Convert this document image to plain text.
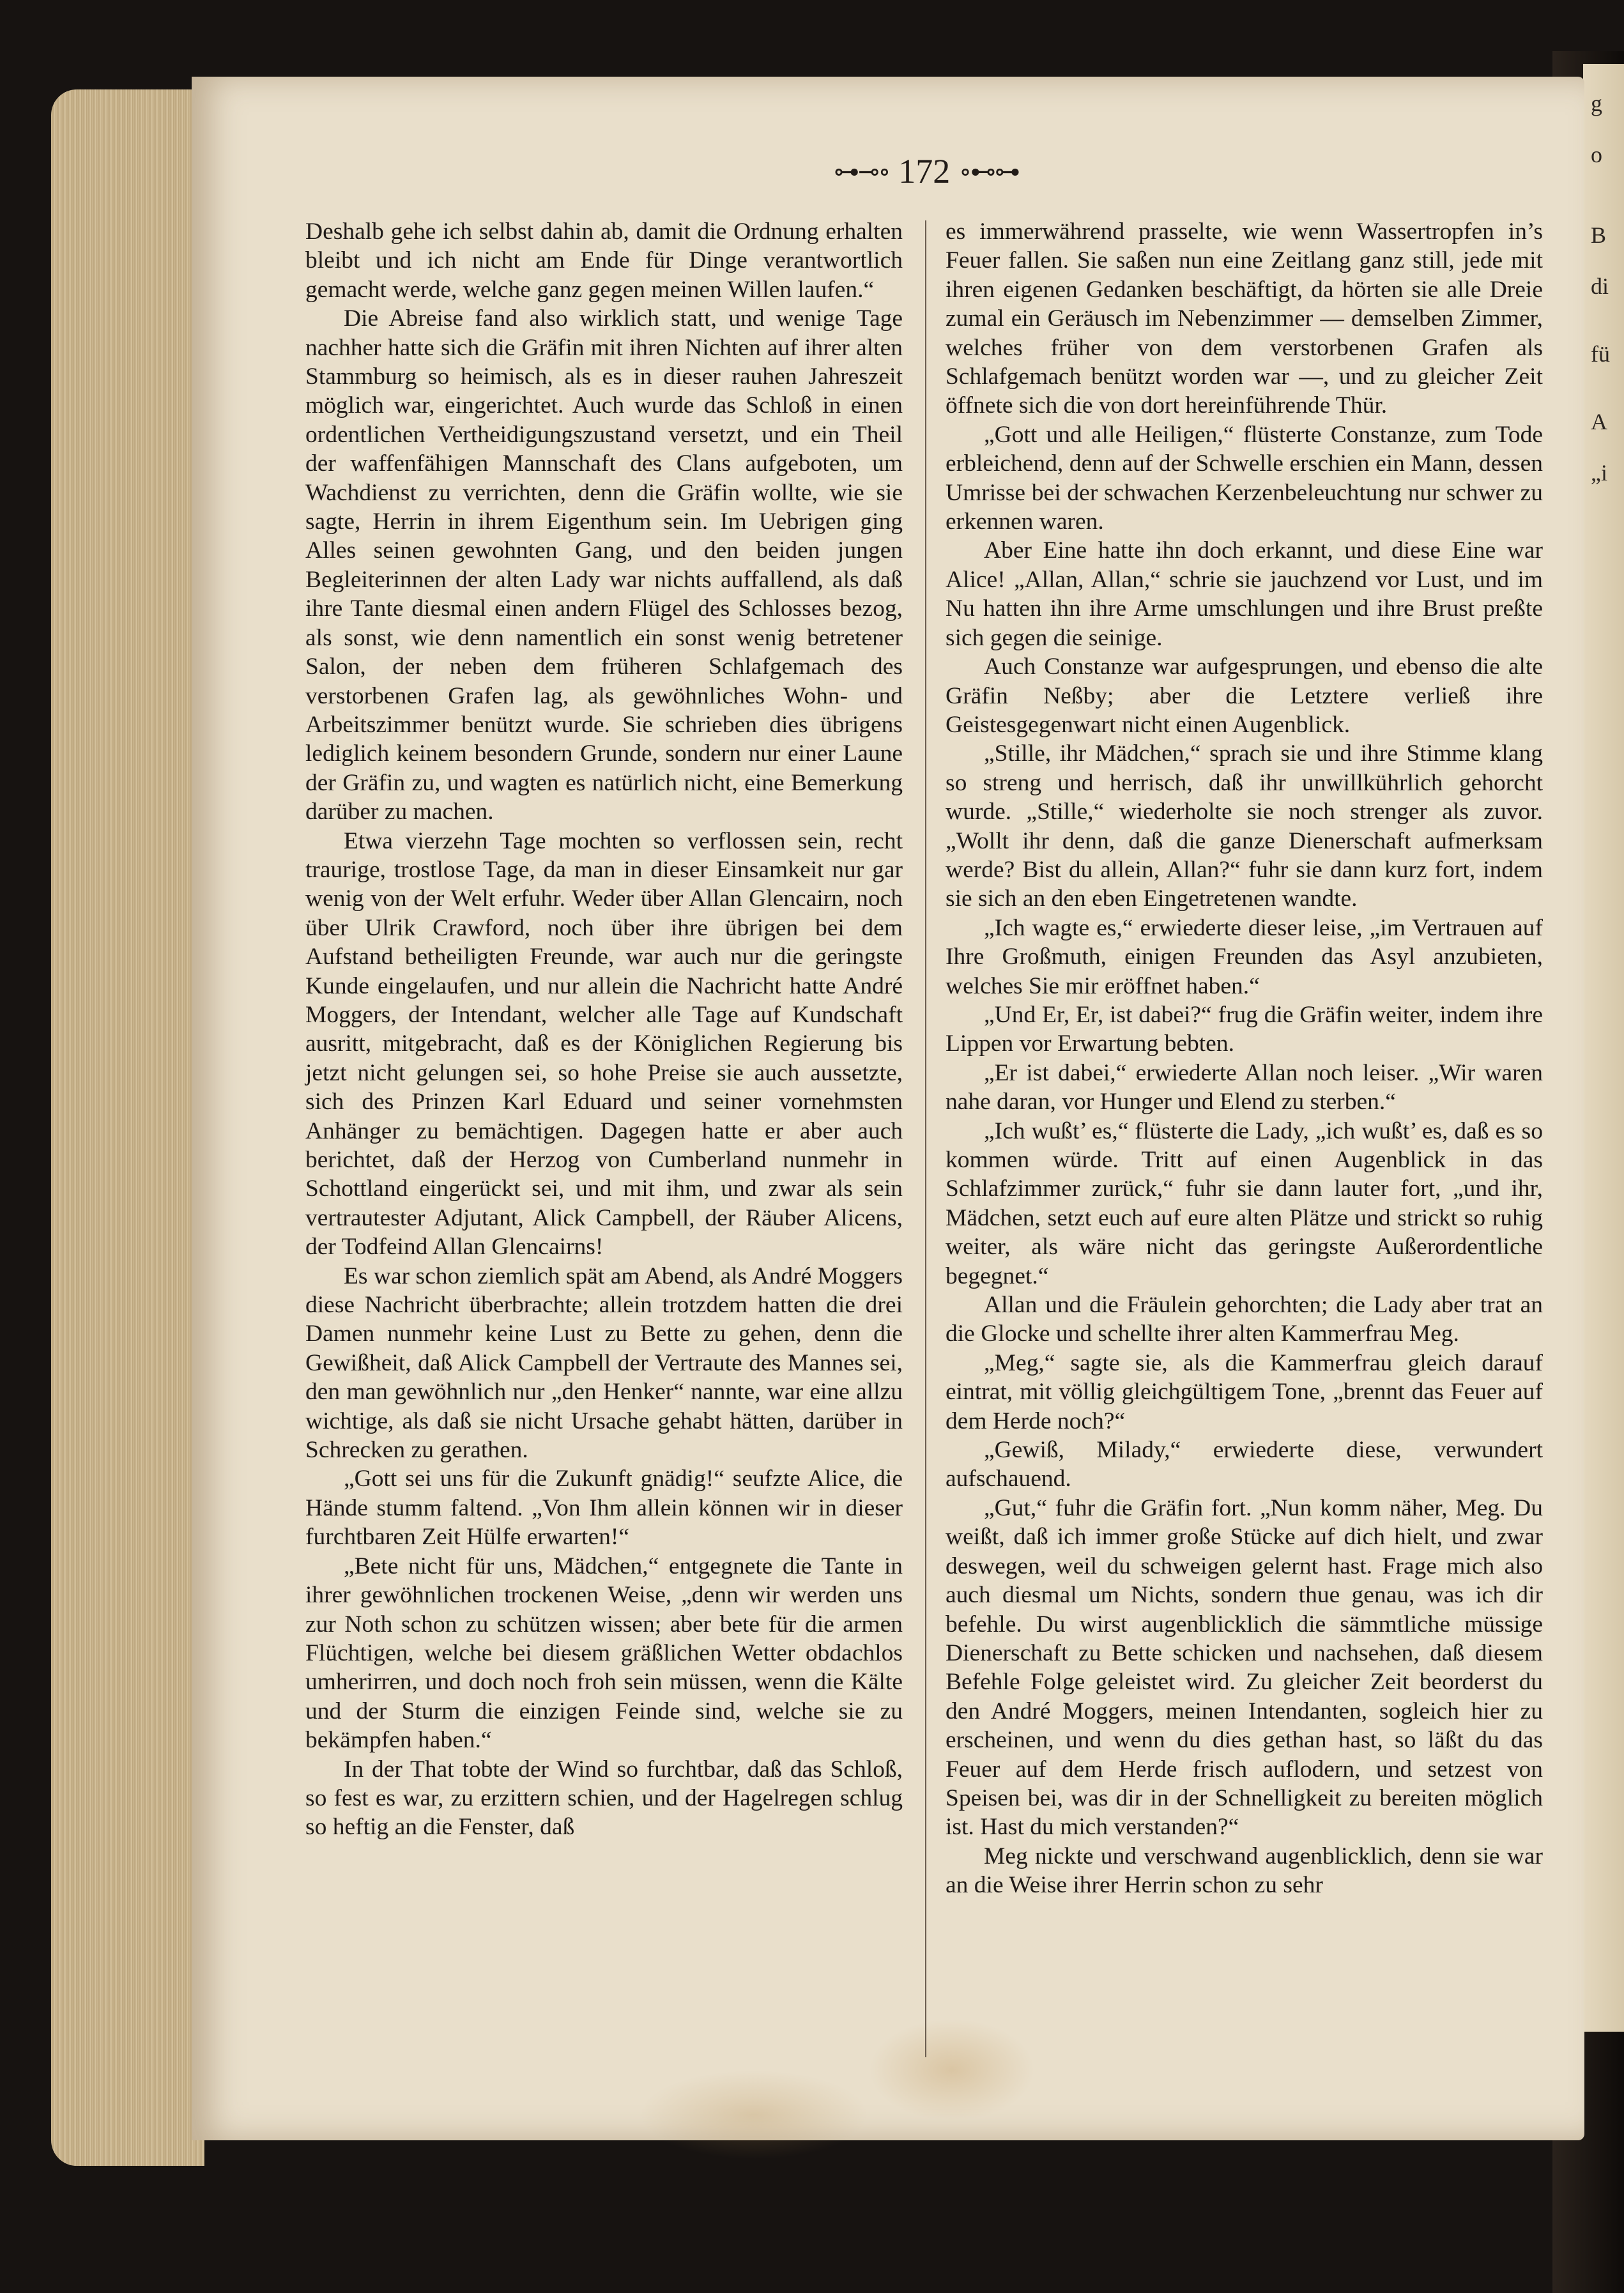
g
o
B
di
fü
A
„i
⊶⊸∘ 172 ∘⊷⊶

Deshalb gehe ich selbst dahin ab, damit die Ordnung erhalten bleibt und ich nicht am Ende für Dinge verantwortlich gemacht werde, welche ganz gegen meinen Willen laufen.“

Die Abreise fand also wirklich statt, und wenige Tage nachher hatte sich die Gräfin mit ihren Nichten auf ihrer alten Stammburg so heimisch, als es in dieser rauhen Jahreszeit möglich war, eingerichtet. Auch wurde das Schloß in einen ordentlichen Vertheidigungszustand versetzt, und ein Theil der waffenfähigen Mannschaft des Clans aufgeboten, um Wachdienst zu verrichten, denn die Gräfin wollte, wie sie sagte, Herrin in ihrem Eigenthum sein. Im Uebrigen ging Alles seinen gewohnten Gang, und den beiden jungen Begleiterinnen der alten Lady war nichts auffallend, als daß ihre Tante diesmal einen andern Flügel des Schlosses bezog, als sonst, wie denn namentlich ein sonst wenig betretener Salon, der neben dem früheren Schlafgemach des verstorbenen Grafen lag, als gewöhnliches Wohn- und Arbeitszimmer benützt wurde. Sie schrieben dies übrigens lediglich keinem besondern Grunde, sondern nur einer Laune der Gräfin zu, und wagten es natürlich nicht, eine Bemerkung darüber zu machen.

Etwa vierzehn Tage mochten so verflossen sein, recht traurige, trostlose Tage, da man in dieser Einsamkeit nur gar wenig von der Welt erfuhr. Weder über Allan Glencairn, noch über Ulrik Crawford, noch über ihre übrigen bei dem Aufstand betheiligten Freunde, war auch nur die geringste Kunde eingelaufen, und nur allein die Nachricht hatte André Moggers, der Intendant, welcher alle Tage auf Kundschaft ausritt, mitgebracht, daß es der Königlichen Regierung bis jetzt nicht gelungen sei, so hohe Preise sie auch aussetzte, sich des Prinzen Karl Eduard und seiner vornehmsten Anhänger zu bemächtigen. Dagegen hatte er aber auch berichtet, daß der Herzog von Cumberland nunmehr in Schottland eingerückt sei, und mit ihm, und zwar als sein vertrautester Adjutant, Alick Campbell, der Räuber Alicens, der Todfeind Allan Glencairns!

Es war schon ziemlich spät am Abend, als André Moggers diese Nachricht überbrachte; allein trotzdem hatten die drei Damen nunmehr keine Lust zu Bette zu gehen, denn die Gewißheit, daß Alick Campbell der Vertraute des Mannes sei, den man gewöhnlich nur „den Henker“ nannte, war eine allzu wichtige, als daß sie nicht Ursache gehabt hätten, darüber in Schrecken zu gerathen.

„Gott sei uns für die Zukunft gnädig!“ seufzte Alice, die Hände stumm faltend. „Von Ihm allein können wir in dieser furchtbaren Zeit Hülfe erwarten!“

„Bete nicht für uns, Mädchen,“ entgegnete die Tante in ihrer gewöhnlichen trockenen Weise, „denn wir werden uns zur Noth schon zu schützen wissen; aber bete für die armen Flüchtigen, welche bei diesem gräßlichen Wetter obdachlos umherirren, und doch noch froh sein müssen, wenn die Kälte und der Sturm die einzigen Feinde sind, welche sie zu bekämpfen haben.“

In der That tobte der Wind so furchtbar, daß das Schloß, so fest es war, zu erzittern schien, und der Hagelregen schlug so heftig an die Fenster, daß

es immerwährend prasselte, wie wenn Wassertropfen in’s Feuer fallen. Sie saßen nun eine Zeitlang ganz still, jede mit ihren eigenen Gedanken beschäftigt, da hörten sie alle Dreie zumal ein Geräusch im Nebenzimmer — demselben Zimmer, welches früher von dem verstorbenen Grafen als Schlafgemach benützt worden war —, und zu gleicher Zeit öffnete sich die von dort hereinführende Thür.

„Gott und alle Heiligen,“ flüsterte Constanze, zum Tode erbleichend, denn auf der Schwelle erschien ein Mann, dessen Umrisse bei der schwachen Kerzenbeleuchtung nur schwer zu erkennen waren.

Aber Eine hatte ihn doch erkannt, und diese Eine war Alice! „Allan, Allan,“ schrie sie jauchzend vor Lust, und im Nu hatten ihn ihre Arme umschlungen und ihre Brust preßte sich gegen die seinige.

Auch Constanze war aufgesprungen, und ebenso die alte Gräfin Neßby; aber die Letztere verließ ihre Geistesgegenwart nicht einen Augenblick.

„Stille, ihr Mädchen,“ sprach sie und ihre Stimme klang so streng und herrisch, daß ihr unwillkührlich gehorcht wurde. „Stille,“ wiederholte sie noch strenger als zuvor. „Wollt ihr denn, daß die ganze Dienerschaft aufmerksam werde? Bist du allein, Allan?“ fuhr sie dann kurz fort, indem sie sich an den eben Eingetretenen wandte.

„Ich wagte es,“ erwiederte dieser leise, „im Vertrauen auf Ihre Großmuth, einigen Freunden das Asyl anzubieten, welches Sie mir eröffnet haben.“

„Und Er, Er, ist dabei?“ frug die Gräfin weiter, indem ihre Lippen vor Erwartung bebten.

„Er ist dabei,“ erwiederte Allan noch leiser. „Wir waren nahe daran, vor Hunger und Elend zu sterben.“

„Ich wußt’ es,“ flüsterte die Lady, „ich wußt’ es, daß es so kommen würde. Tritt auf einen Augenblick in das Schlafzimmer zurück,“ fuhr sie dann lauter fort, „und ihr, Mädchen, setzt euch auf eure alten Plätze und strickt so ruhig weiter, als wäre nicht das geringste Außerordentliche begegnet.“

Allan und die Fräulein gehorchten; die Lady aber trat an die Glocke und schellte ihrer alten Kammerfrau Meg.

„Meg,“ sagte sie, als die Kammerfrau gleich darauf eintrat, mit völlig gleichgültigem Tone, „brennt das Feuer auf dem Herde noch?“

„Gewiß, Milady,“ erwiederte diese, verwundert aufschauend.

„Gut,“ fuhr die Gräfin fort. „Nun komm näher, Meg. Du weißt, daß ich immer große Stücke auf dich hielt, und zwar deswegen, weil du schweigen gelernt hast. Frage mich also auch diesmal um Nichts, sondern thue genau, was ich dir befehle. Du wirst augenblicklich die sämmtliche müssige Dienerschaft zu Bette schicken und nachsehen, daß diesem Befehle Folge geleistet wird. Zu gleicher Zeit beorderst du den André Moggers, meinen Intendanten, sogleich hier zu erscheinen, und wenn du dies gethan hast, so läßt du das Feuer auf dem Herde frisch auflodern, und setzest von Speisen bei, was dir in der Schnelligkeit zu bereiten möglich ist. Hast du mich verstanden?“

Meg nickte und verschwand augenblicklich, denn sie war an die Weise ihrer Herrin schon zu sehr
